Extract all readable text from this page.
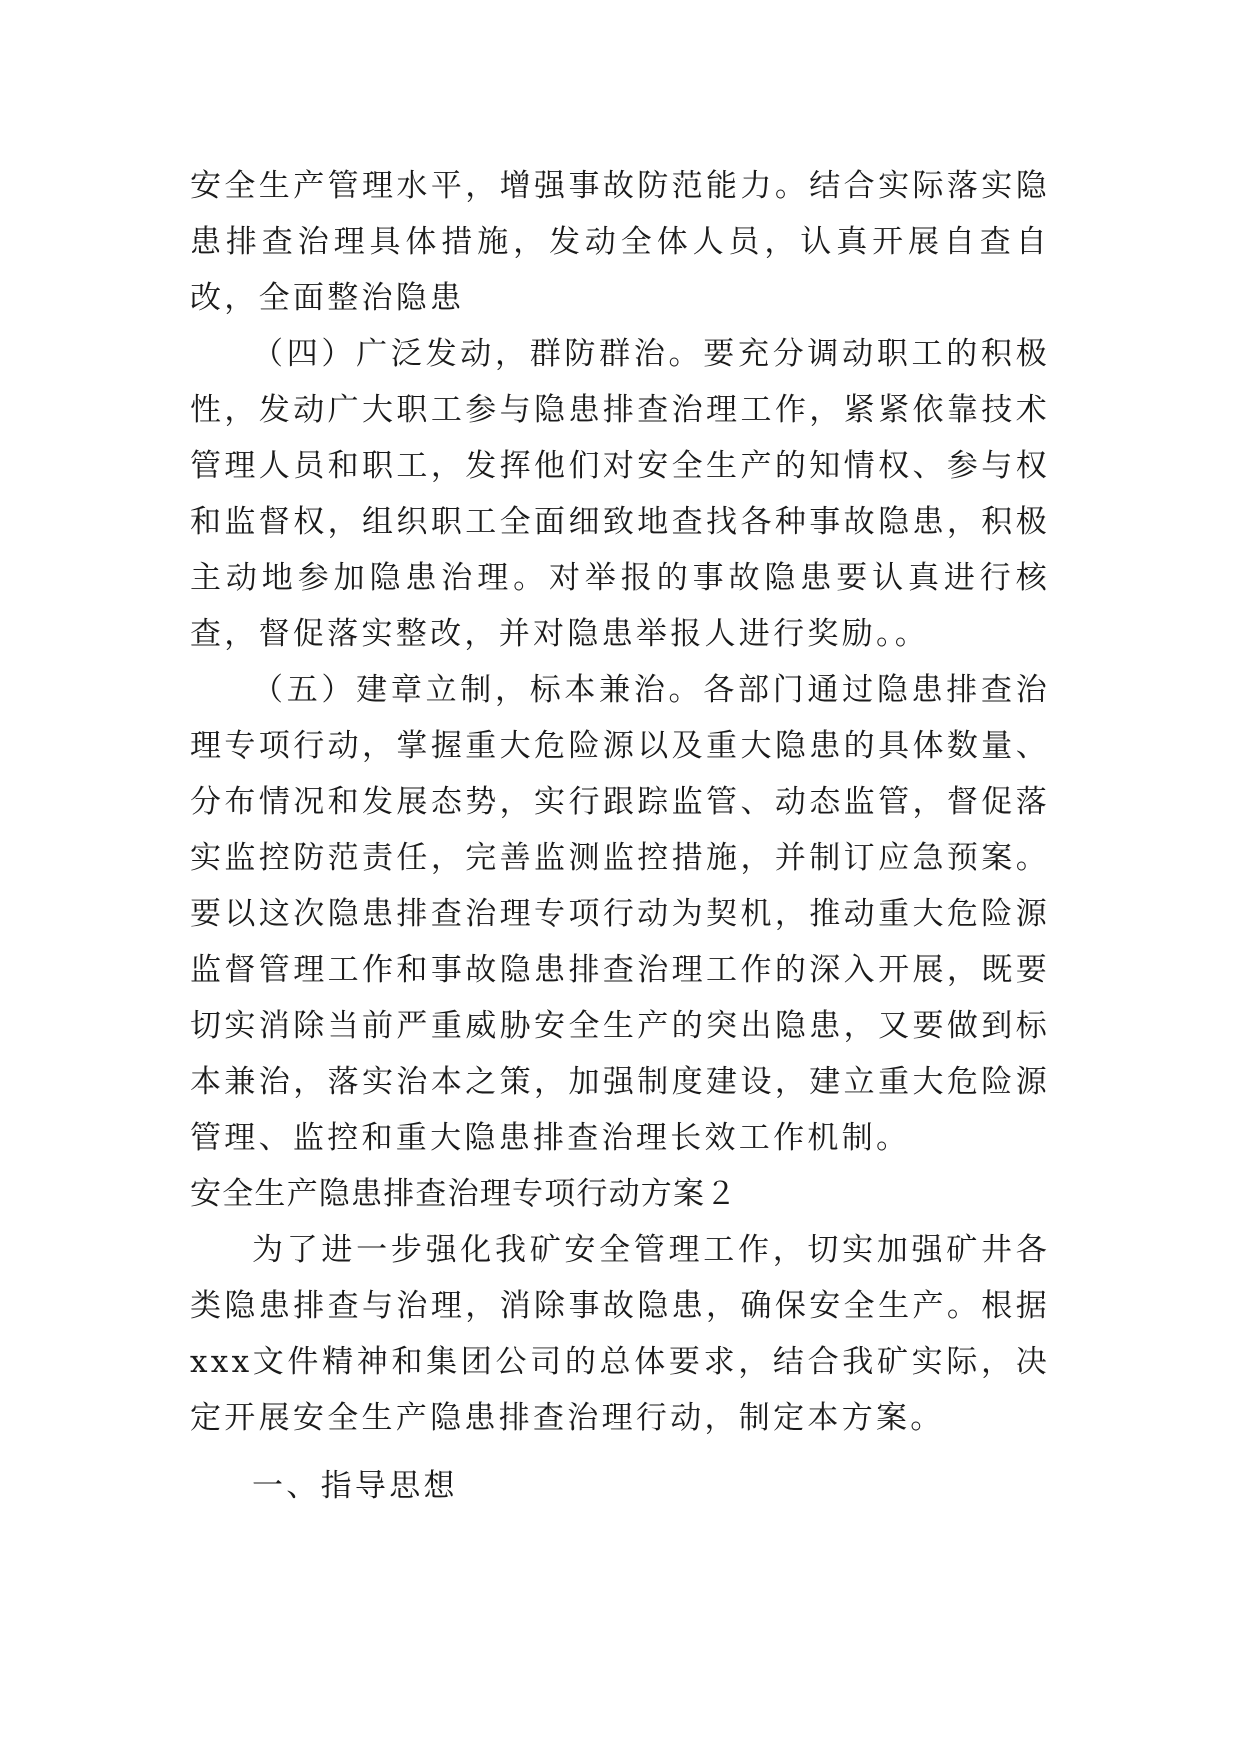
安全生产管理水平，增强事故防范能力。结合实际落实隐患排查治理具体措施，发动全体人员，认真开展自查自改，全面整治隐患

（四）广泛发动，群防群治。要充分调动职工的积极性，发动广大职工参与隐患排查治理工作，紧紧依靠技术管理人员和职工，发挥他们对安全生产的知情权、参与权和监督权，组织职工全面细致地查找各种事故隐患，积极主动地参加隐患治理。对举报的事故隐患要认真进行核查，督促落实整改，并对隐患举报人进行奖励。。

（五）建章立制，标本兼治。各部门通过隐患排查治理专项行动，掌握重大危险源以及重大隐患的具体数量、分布情况和发展态势，实行跟踪监管、动态监管，督促落实监控防范责任，完善监测监控措施，并制订应急预案。要以这次隐患排查治理专项行动为契机，推动重大危险源监督管理工作和事故隐患排查治理工作的深入开展，既要切实消除当前严重威胁安全生产的突出隐患，又要做到标本兼治，落实治本之策，加强制度建设，建立重大危险源管理、监控和重大隐患排查治理长效工作机制。

安全生产隐患排查治理专项行动方案２

为了进一步强化我矿安全管理工作，切实加强矿井各类隐患排查与治理，消除事故隐患，确保安全生产。根据xxx文件精神和集团公司的总体要求，结合我矿实际，决定开展安全生产隐患排查治理行动，制定本方案。

一、指导思想
